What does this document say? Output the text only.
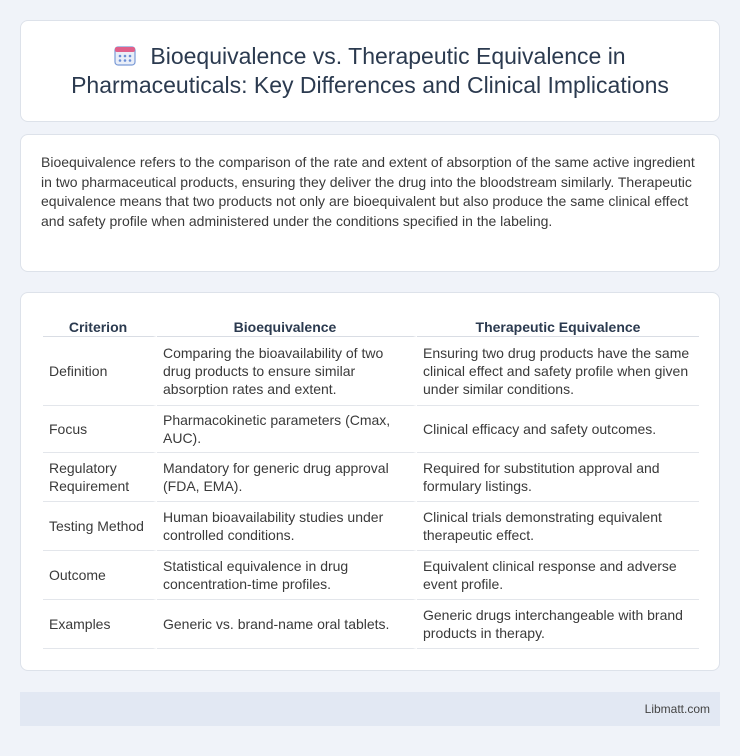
Bioequivalence vs. Therapeutic Equivalence in Pharmaceuticals: Key Differences and Clinical Implications

Bioequivalence refers to the comparison of the rate and extent of absorption of the same active ingredient in two pharmaceutical products, ensuring they deliver the drug into the bloodstream similarly. Therapeutic equivalence means that two products not only are bioequivalent but also produce the same clinical effect and safety profile when administered under the conditions specified in the labeling.

Criterion	Bioequivalence	Therapeutic Equivalence
Definition	Comparing the bioavailability of two drug products to ensure similar absorption rates and extent.	Ensuring two drug products have the same clinical effect and safety profile when given under similar conditions.
Focus	Pharmacokinetic parameters (Cmax, AUC).	Clinical efficacy and safety outcomes.
Regulatory Requirement	Mandatory for generic drug approval (FDA, EMA).	Required for substitution approval and formulary listings.
Testing Method	Human bioavailability studies under controlled conditions.	Clinical trials demonstrating equivalent therapeutic effect.
Outcome	Statistical equivalence in drug concentration-time profiles.	Equivalent clinical response and adverse event profile.
Examples	Generic vs. brand-name oral tablets.	Generic drugs interchangeable with brand products in therapy.
Libmatt.com
